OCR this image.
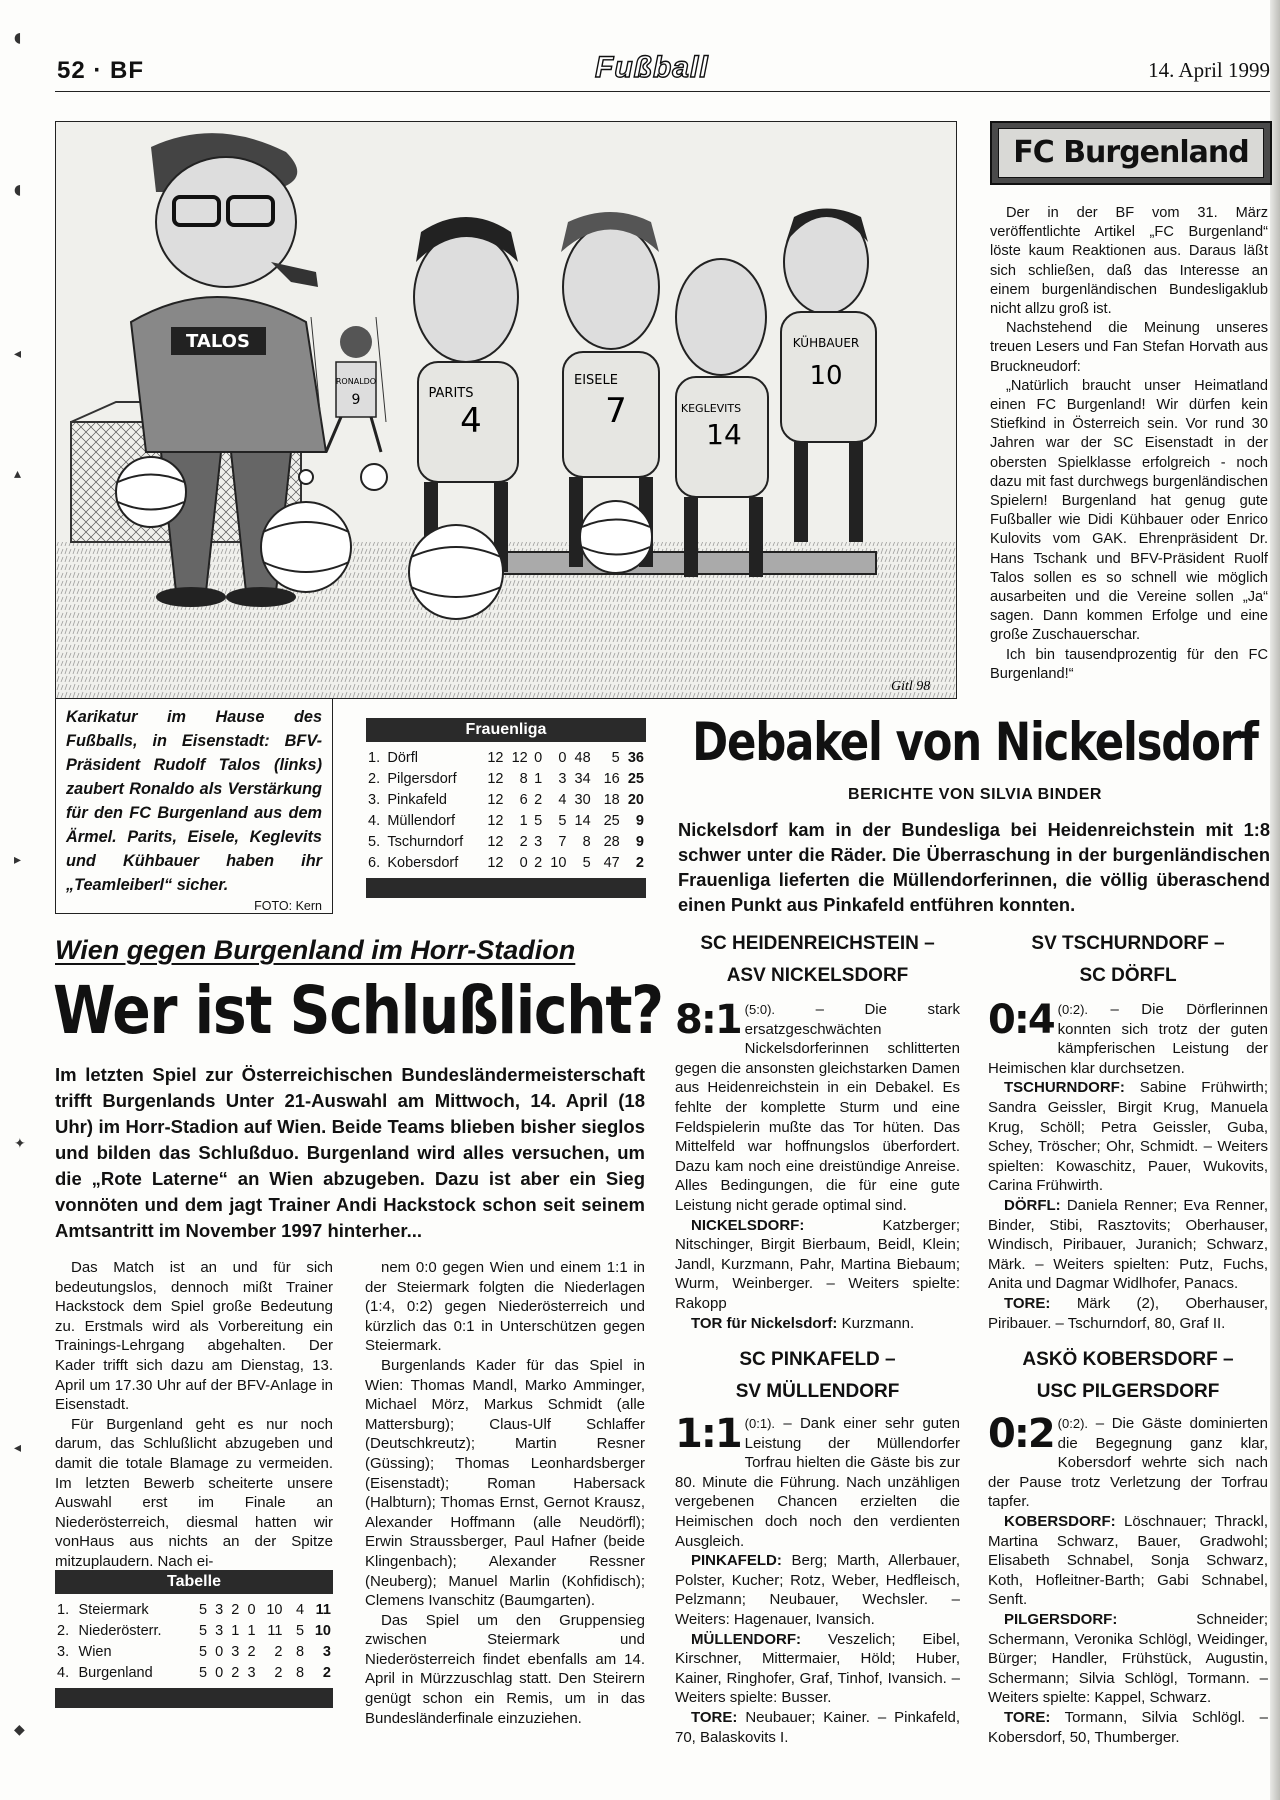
◖
◖
◂
▴
▸
✦
◂
◆
52 · BF	Fußball	14. April 1999
TALOS
RONALDO
9	PARITS
4
EISELE
7	KEGLEVITS
14
KÜHBAUER
10
Gitl 98
Karikatur im Hause des Fußballs, in Eisenstadt: BFV-Präsident Rudolf Talos (links) zaubert Ronaldo als Verstärkung für den FC Burgenland aus dem Ärmel. Parits, Eisele, Keglevits und Kühbauer haben ihr „Teamleiberl“ sicher.
FOTO: Kern
Frauenliga
1.	Dörfl	12	12	0	0	48		5	36
2.	Pilgersdorf	12	8	1	3	34		16	25
3.	Pinkafeld	12	6	2	4	30		18	20
4.	Müllendorf	12	1	5	5	14		25	9
5.	Tschurndorf	12	2	3	7	8		28	9
6.	Kobersdorf	12	0	2	10	5		47	2
FC Burgenland

Der in der BF vom 31. März veröffentlichte Artikel „FC Burgenland“ löste kaum Reaktionen aus. Daraus läßt sich schließen, daß das Interesse an einem burgenländischen Bundesligaklub nicht allzu groß ist.

Nachstehend die Meinung unseres treuen Lesers und Fan Stefan Horvath aus Bruckneudorf:

„Natürlich braucht unser Heimatland einen FC Burgenland! Wir dürfen kein Stiefkind in Österreich sein. Vor rund 30 Jahren war der SC Eisenstadt in der obersten Spielklasse erfolgreich - noch dazu mit fast durchwegs burgenländischen Spielern! Burgenland hat genug gute Fußballer wie Didi Kühbauer oder Enrico Kulovits vom GAK. Ehrenpräsident Dr. Hans Tschank und BFV-Präsident Ruolf Talos sollen es so schnell wie möglich ausarbeiten und die Vereine sollen „Ja“ sagen. Dann kommen Erfolge und eine große Zuschauerschar.

Ich bin tausendprozentig für den FC Burgenland!“

Debakel von Nickelsdorf
BERICHTE VON SILVIA BINDER
Nickelsdorf kam in der Bundesliga bei Heidenreichstein mit 1:8 schwer unter die Räder. Die Überraschung in der burgenländischen Frauenliga lieferten die Müllendorferinnen, die völlig überaschend einen Punkt aus Pinkafeld entführen konnten.
Wien gegen Burgenland im Horr-Stadion
Wer ist Schlußlicht?
Im letzten Spiel zur Österreichischen Bundesländermeisterschaft trifft Burgenlands Unter 21-Auswahl am Mittwoch, 14. April (18 Uhr) im Horr-Stadion auf Wien. Beide Teams blieben bisher sieglos und bilden das Schlußduo. Burgenland wird alles versuchen, um die „Rote Laterne“ an Wien abzugeben. Dazu ist aber ein Sieg vonnöten und dem jagt Trainer Andi Hackstock schon seit seinem Amtsantritt im November 1997 hinterher...

Das Match ist an und für sich bedeutungslos, dennoch mißt Trainer Hackstock dem Spiel große Bedeutung zu. Erstmals wird als Vorbereitung ein Trainings-Lehrgang abgehalten. Der Kader trifft sich dazu am Dienstag, 13. April um 17.30 Uhr auf der BFV-Anlage in Eisenstadt.

Für Burgenland geht es nur noch darum, das Schlußlicht abzugeben und damit die totale Blamage zu vermeiden. Im letzten Bewerb scheiterte unsere Auswahl erst im Finale an Niederösterreich, diesmal hatten wir vonHaus aus nichts an der Spitze mitzuplaudern. Nach ei-

nem 0:0 gegen Wien und einem 1:1 in der Steiermark folgten die Niederlagen (1:4, 0:2) gegen Niederösterreich und kürzlich das 0:1 in Unterschützen gegen Steiermark.

Burgenlands Kader für das Spiel in Wien: Thomas Mandl, Marko Amminger, Michael Mörz, Markus Schmidt (alle Mattersburg); Claus-Ulf Schlaffer (Deutschkreutz); Martin Resner (Güssing); Thomas Leonhardsberger (Eisenstadt); Roman Habersack (Halbturn); Thomas Ernst, Gernot Krausz, Alexander Hoffmann (alle Neudörfl); Erwin Straussberger, Paul Hafner (beide Klingenbach); Alexander Ressner (Neuberg); Manuel Marlin (Kohfidisch); Clemens Ivanschitz (Baumgarten).

Das Spiel um den Gruppensieg zwischen Steiermark und Niederösterreich findet ebenfalls am 14. April in Mürzzuschlag statt. Den Steirern genügt schon ein Remis, um in das Bundesländerfinale einzuziehen.

Tabelle
1.	Steiermark	5	3	2	0	10		4	11
2.	Niederösterr.	5	3	1	1	11		5	10
3.	Wien	5	0	3	2	2		8	3
4.	Burgenland	5	0	2	3	2		8	2
SC HEIDENREICHSTEIN –
ASV NICKELSDORF

8:1 (5:0).	– Die stark ersatzgeschwächten Nickelsdorferinnen schlitterten gegen die ansonsten gleichstarken Damen aus Heidenreichstein in ein Debakel. Es fehlte der komplette Sturm und eine Feldspielerin mußte das Tor hüten. Das Mittelfeld war hoffnungslos überfordert. Dazu kam noch eine dreistündige Anreise. Alles Bedingungen, die für eine gute Leistung nicht gerade optimal sind.

NICKELSDORF:	Katzberger; Nitschinger, Birgit Bierbaum, Beidl, Klein; Jandl, Kurzmann, Pahr, Martina Biebaum; Wurm, Weinberger. – Weiters spielte: Rakopp

TOR für Nickelsdorf: Kurzmann.

SC PINKAFELD –
SV MÜLLENDORF

1:1 (0:1). – Dank einer sehr guten Leistung der Müllendorfer Torfrau hielten die Gäste bis zur 80. Minute die Führung. Nach unzähligen vergebenen Chancen erzielten die Heimischen doch noch den verdienten Ausgleich.

PINKAFELD: Berg; Marth, Allerbauer, Polster, Kucher; Rotz, Weber, Hedfleisch, Pelzmann; Neubauer, Wechsler. – Weiters: Hagenauer, Ivansich.

MÜLLENDORF: Veszelich; Eibel, Kirschner, Mittermaier, Höld; Huber, Kainer, Ringhofer, Graf, Tinhof, Ivansich. – Weiters spielte: Busser.

TORE: Neubauer; Kainer. – Pinkafeld, 70, Balaskovits I.

SV TSCHURNDORF –
SC DÖRFL

0:4 (0:2). – Die Dörflerinnen konnten sich trotz der guten kämpferischen Leistung der Heimischen klar durchsetzen.

TSCHURNDORF: Sabine Frühwirth; Sandra Geissler, Birgit Krug, Manuela Krug, Schöll; Petra Geissler, Guba, Schey, Tröscher; Ohr, Schmidt. – Weiters spielten: Kowaschitz, Pauer, Wukovits, Carina Frühwirth.

DÖRFL: Daniela Renner; Eva Renner, Binder, Stibi, Rasztovits; Oberhauser, Windisch, Piribauer, Juranich; Schwarz, Märk. – Weiters spielten: Putz, Fuchs, Anita und Dagmar Widlhofer, Panacs.

TORE: Märk (2), Oberhauser, Piribauer. – Tschurndorf, 80, Graf II.

ASKÖ KOBERSDORF –
USC PILGERSDORF

0:2 (0:2). – Die Gäste dominierten die Begegnung ganz klar, Kobersdorf wehrte sich nach der Pause trotz Verletzung der Torfrau tapfer.

KOBERSDORF: Löschnauer; Thrackl, Martina Schwarz, Bauer, Gradwohl; Elisabeth Schnabel, Sonja Schwarz, Koth, Hofleitner-Barth; Gabi Schnabel, Senft.

PILGERSDORF:	Schneider; Schermann, Veronika Schlögl, Weidinger, Bürger; Handler, Frühstück, Augustin, Schermann; Silvia Schlögl, Tormann. – Weiters spielte: Kappel, Schwarz.

TORE: Tormann, Silvia Schlögl. – Kobersdorf, 50, Thumberger.
